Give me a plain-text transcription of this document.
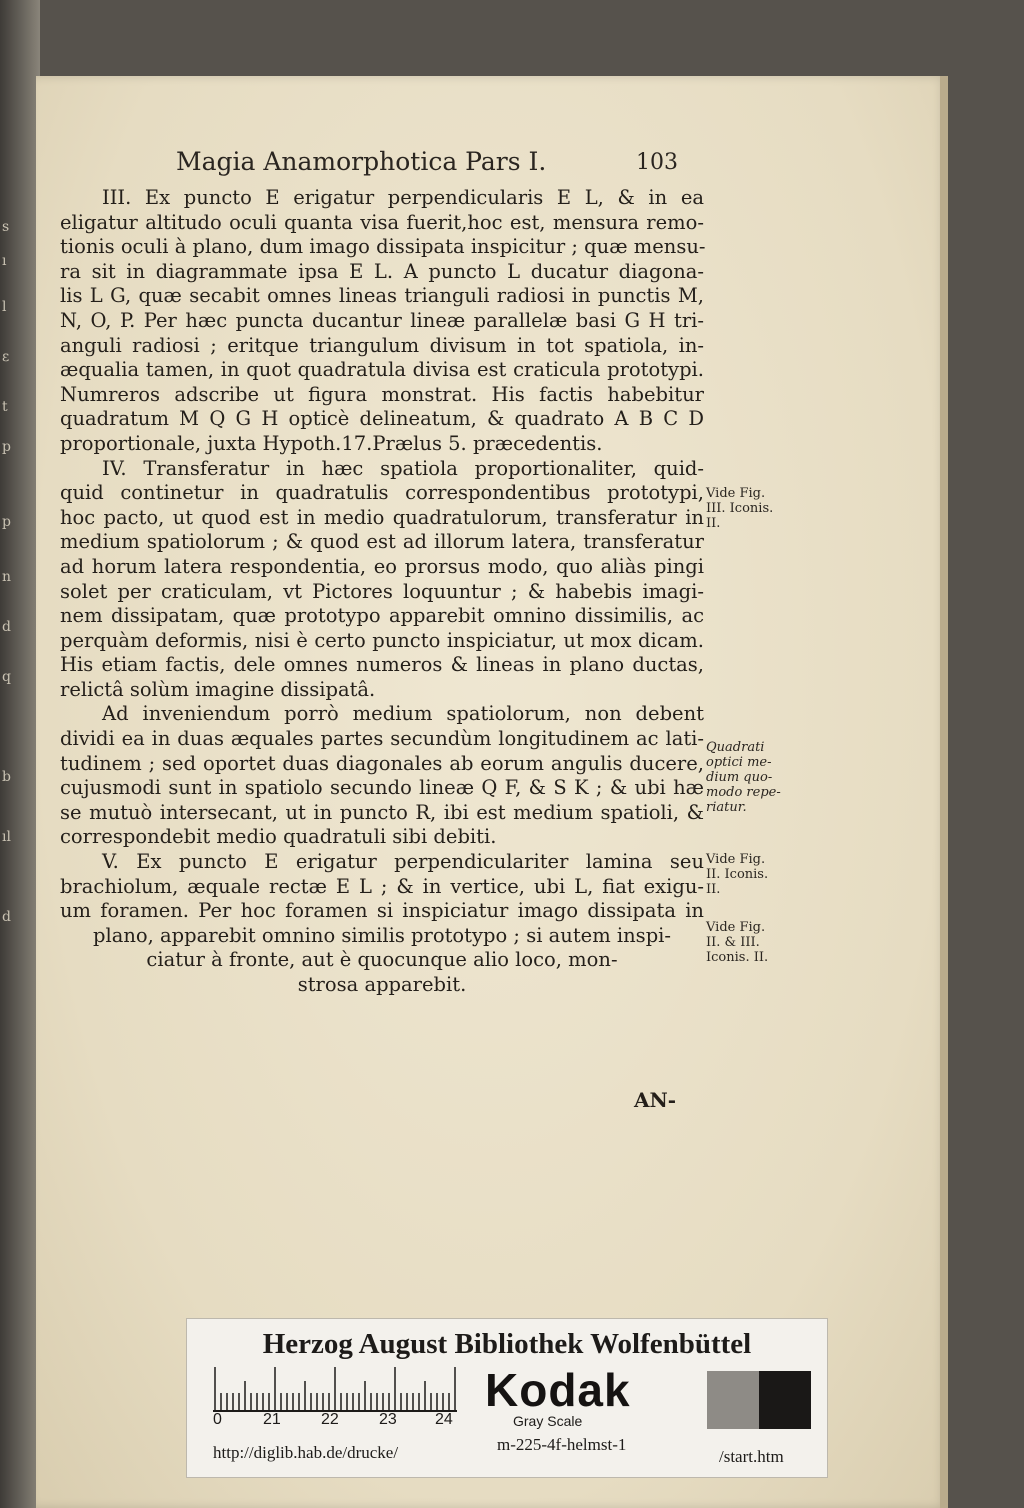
s
ı
l
ε
t
p
p
n
d
q
b
ıl
d
Magia Anamorphotica Pars I.	103
III. Ex puncto E erigatur perpendicularis E L, & in ea
eligatur altitudo oculi quanta visa fuerit,hoc est, mensura remo-
tionis oculi à plano, dum imago dissipata inspicitur ; quæ mensu-
ra sit in diagrammate ipsa E L. A puncto L ducatur diagona-
lis L G, quæ secabit omnes lineas trianguli radiosi in punctis M,
N, O, P. Per hæc puncta ducantur lineæ parallelæ basi G H tri-
anguli radiosi ; eritque triangulum divisum in tot spatiola, in-
æqualia tamen, in quot quadratula divisa est craticula prototypi.
Numreros adscribe ut figura monstrat. His factis habebitur
quadratum M Q G H opticè delineatum, & quadrato A B C D
proportionale, juxta Hypoth.17.Prælus 5. præcedentis.
IV. Transferatur in hæc spatiola proportionaliter, quid-
quid continetur in quadratulis correspondentibus prototypi,
hoc pacto, ut quod est in medio quadratulorum, transferatur in
medium spatiolorum ; & quod est ad illorum latera, transferatur
ad horum latera respondentia, eo prorsus modo, quo aliàs pingi
solet per craticulam, vt Pictores loquuntur ; & habebis imagi-
nem dissipatam, quæ prototypo apparebit omnino dissimilis, ac
perquàm deformis, nisi è certo puncto inspiciatur, ut mox dicam.
His etiam factis, dele omnes numeros & lineas in plano ductas,
relictâ solùm imagine dissipatâ.
Ad inveniendum porrò medium spatiolorum, non debent
dividi ea in duas æquales partes secundùm longitudinem ac lati-
tudinem ; sed oportet duas diagonales ab eorum angulis ducere,
cujusmodi sunt in spatiolo secundo lineæ Q F, & S K ; & ubi hæ
se mutuò intersecant, ut in puncto R, ibi est medium spatioli, &
correspondebit medio quadratuli sibi debiti.
V. Ex puncto E erigatur perpendiculariter lamina seu
brachiolum, æquale rectæ E L ; & in vertice, ubi L, fiat exigu-
um foramen. Per hoc foramen si inspiciatur imago dissipata in
plano, apparebit omnino similis prototypo ; si autem inspi-
ciatur à fronte, aut è quocunque alio loco, mon-
strosa apparebit.
Vide Fig.
III. Iconis.
II.
Quadrati
optici me-
dium quo-
modo repe-
riatur.
Vide Fig.
II. Iconis.
II.
Vide Fig.
II. & III.
Iconis. II.
AN-
Herzog August Bibliothek Wolfenbüttel
0	21	22	23 24
Kodak
Gray Scale
http://diglib.hab.de/drucke/	m-225-4f-helmst-1
/start.htm
